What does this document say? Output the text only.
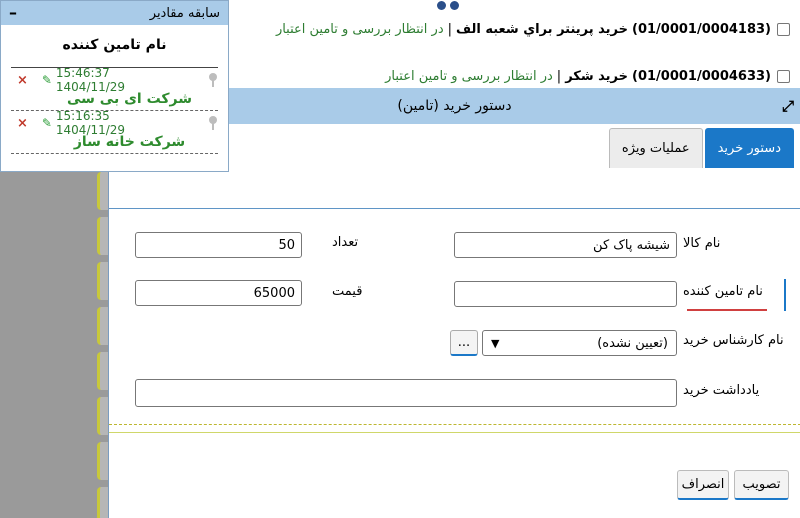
(01/0001/0004183)
خريد پرينتر براي شعبه الف
|
در انتظار بررسی و تامین اعتبار
(01/0001/0004633)
خريد شکر
|
در انتظار بررسی و تامین اعتبار
دستور خرید (تامین)	⤢
دستور خرید
عملیات ویژه
نام کالا
شیشه پاک کن
تعداد
50
نام تامین کننده
قیمت
65000
نام کارشناس خرید
(تعیین نشده)
▼
...
یادداشت خرید
تصویب
انصراف
سابقه مقادیر
–
نام تامین کننده
× ✎ 15:46:37 1404/11/29
شرکت ای بی سی
× ✎ 15:16:35 1404/11/29
شرکت خانه ساز
